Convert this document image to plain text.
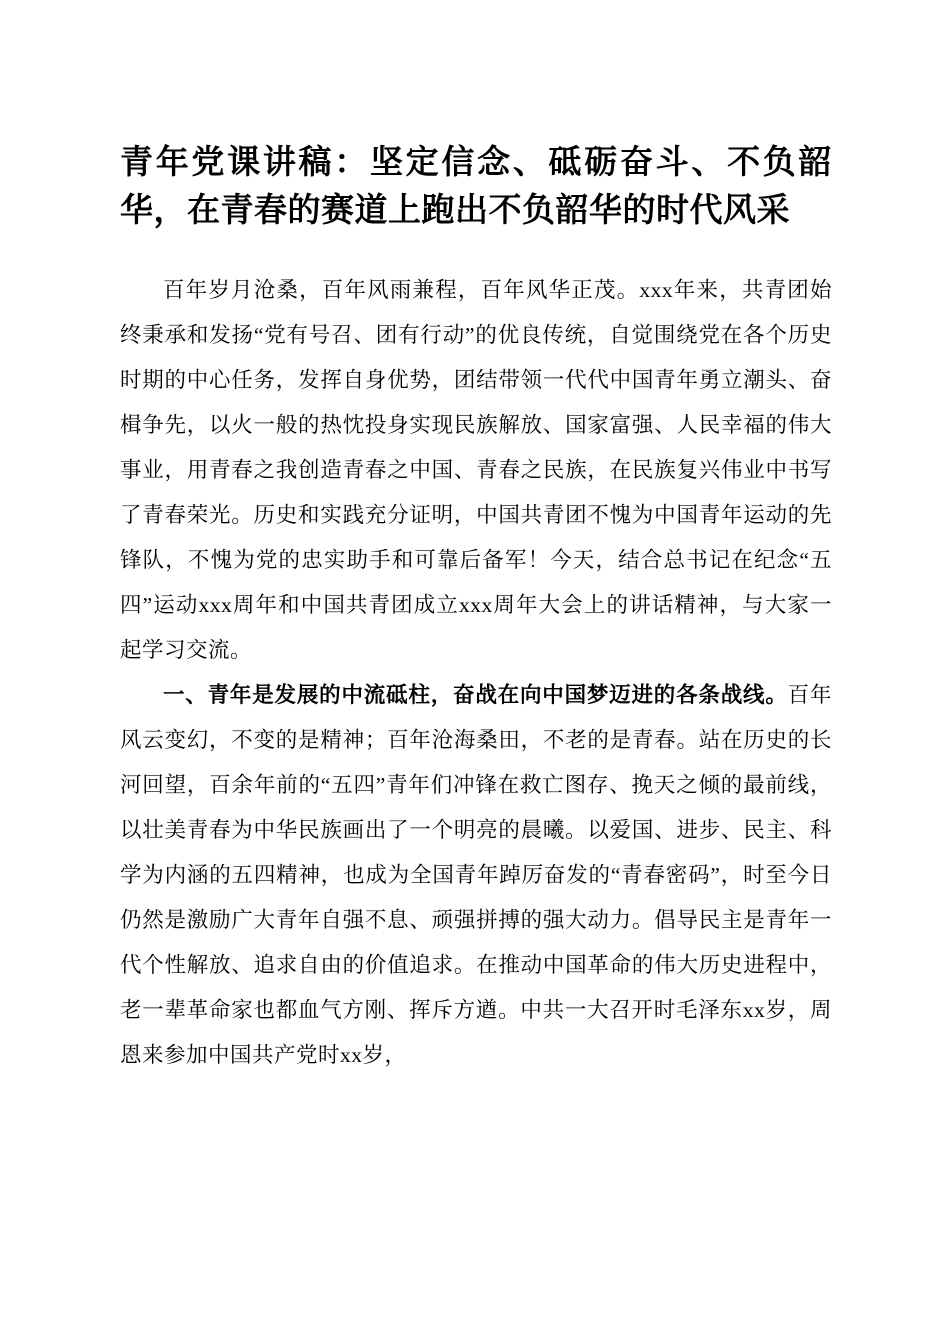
青年党课讲稿：坚定信念、砥砺奋斗、不负韶华，在青春的赛道上跑出不负韶华的时代风采

百年岁月沧桑，百年风雨兼程，百年风华正茂。xxx年来，共青团始终秉承和发扬“党有号召、团有行动”的优良传统，自觉围绕党在各个历史时期的中心任务，发挥自身优势，团结带领一代代中国青年勇立潮头、奋楫争先，以火一般的热忱投身实现民族解放、国家富强、人民幸福的伟大事业，用青春之我创造青春之中国、青春之民族，在民族复兴伟业中书写了青春荣光。历史和实践充分证明，中国共青团不愧为中国青年运动的先锋队，不愧为党的忠实助手和可靠后备军！今天，结合总书记在纪念“五四”运动xxx周年和中国共青团成立xxx周年大会上的讲话精神，与大家一起学习交流。

一、青年是发展的中流砥柱，奋战在向中国梦迈进的各条战线。百年风云变幻，不变的是精神；百年沧海桑田，不老的是青春。站在历史的长河回望，百余年前的“五四”青年们冲锋在救亡图存、挽天之倾的最前线，以壮美青春为中华民族画出了一个明亮的晨曦。以爱国、进步、民主、科学为内涵的五四精神，也成为全国青年踔厉奋发的“青春密码”，时至今日仍然是激励广大青年自强不息、顽强拼搏的强大动力。倡导民主是青年一代个性解放、追求自由的价值追求。在推动中国革命的伟大历史进程中，老一辈革命家也都血气方刚、挥斥方遒。中共一大召开时毛泽东xx岁，周恩来参加中国共产党时xx岁，
